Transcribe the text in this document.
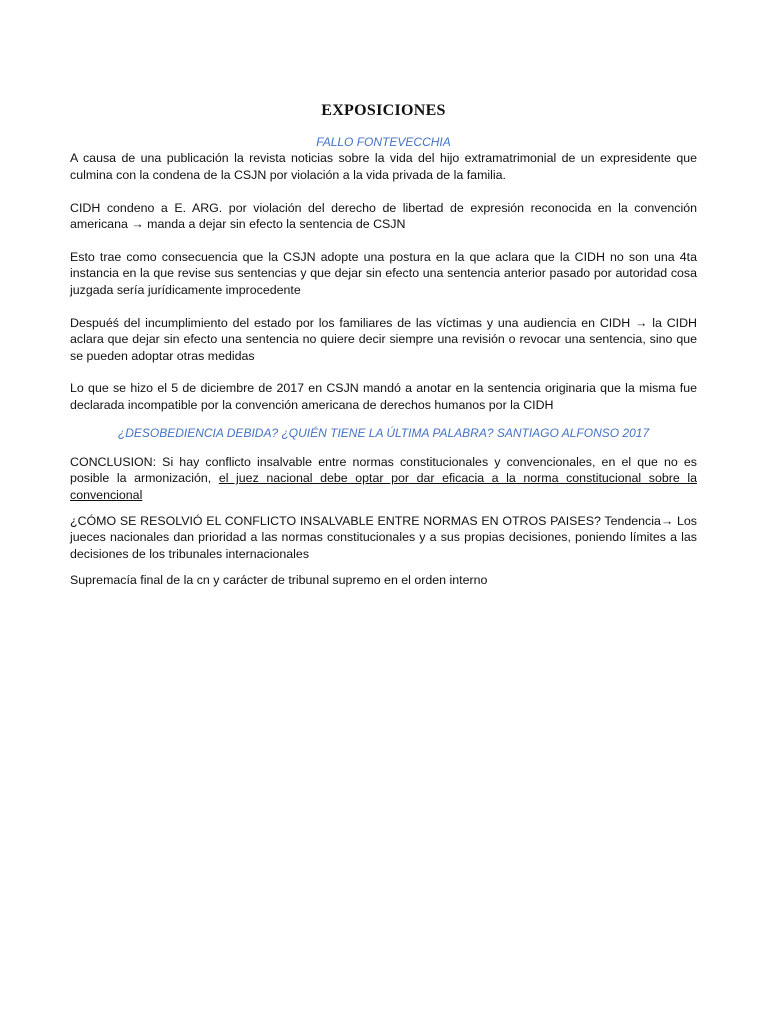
EXPOSICIONES

FALLO FONTEVECCHIA

A causa de una publicación la revista noticias sobre la vida del hijo extramatrimonial de un expresidente que culmina con la condena de la CSJN por violación a la vida privada de la familia.

CIDH condeno a E. ARG. por violación del derecho de libertad de expresión reconocida en la convención americana → manda a dejar sin efecto la sentencia de CSJN

Esto trae como consecuencia que la CSJN adopte una postura en la que aclara que la CIDH no son una 4ta instancia en la que revise sus sentencias y que dejar sin efecto una sentencia anterior pasado por autoridad cosa juzgada sería jurídicamente improcedente

Despuéś del incumplimiento del estado por los familiares de las víctimas y una audiencia en CIDH → la CIDH aclara que dejar sin efecto una sentencia no quiere decir siempre una revisión o revocar una sentencia, sino que se pueden adoptar otras medidas

Lo que se hizo el 5 de diciembre de 2017 en CSJN mandó a anotar en la sentencia originaria que la misma fue declarada incompatible por la convención americana de derechos humanos por la CIDH

¿DESOBEDIENCIA DEBIDA? ¿QUIÉN TIENE LA ÚLTIMA PALABRA? SANTIAGO ALFONSO 2017

CONCLUSION: Si hay conflicto insalvable entre normas constitucionales y convencionales, en el que no es posible la armonización, el juez nacional debe optar por dar eficacia a la norma constitucional sobre la convencional

¿CÓMO SE RESOLVIÓ EL CONFLICTO INSALVABLE ENTRE NORMAS EN OTROS PAISES? Tendencia→ Los jueces nacionales dan prioridad a las normas constitucionales y a sus propias decisiones, poniendo límites a las decisiones de los tribunales internacionales

Supremacía final de la cn y carácter de tribunal supremo en el orden interno
